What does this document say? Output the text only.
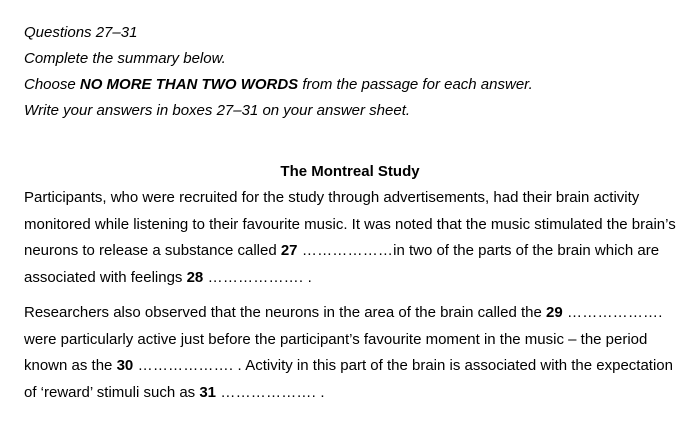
Questions 27–31
Complete the summary below.
Choose NO MORE THAN TWO WORDS from the passage for each answer.
Write your answers in boxes 27–31 on your answer sheet.
The Montreal Study
Participants, who were recruited for the study through advertisements, had their brain activity monitored while listening to their favourite music. It was noted that the music stimulated the brain’s neurons to release a substance called 27 ………………in two of the parts of the brain which are associated with feelings 28 ………………. .
Researchers also observed that the neurons in the area of the brain called the 29 ………………. were particularly active just before the participant’s favourite moment in the music – the period known as the 30 ………………. . Activity in this part of the brain is associated with the expectation of ‘reward’ stimuli such as 31 ………………. .
